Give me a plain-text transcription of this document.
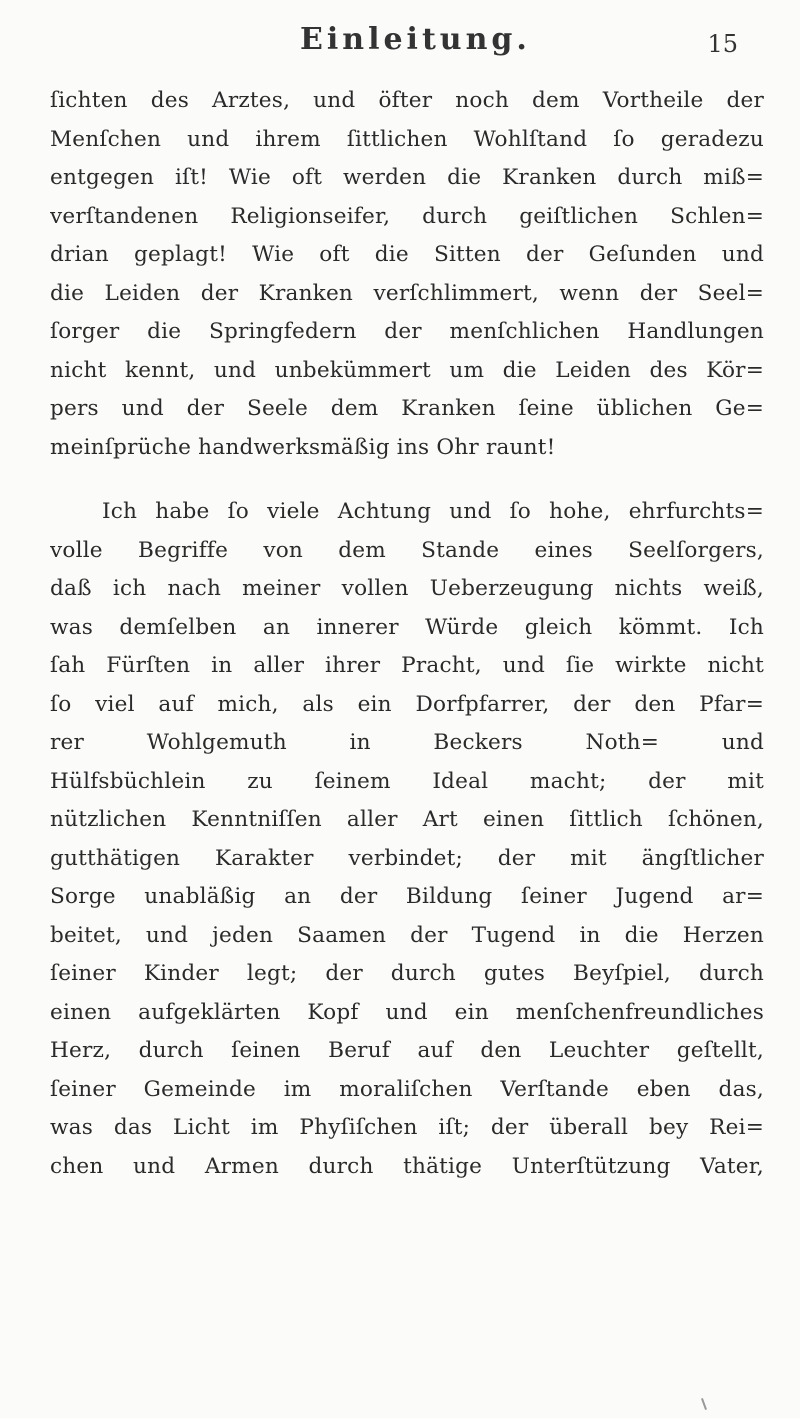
Einleitung.	15
ſichten des Arztes, und öfter noch dem Vortheile der
Menſchen und ihrem ſittlichen Wohlſtand ſo geradezu
entgegen iſt! Wie oft werden die Kranken durch miß=
verſtandenen Religionseifer, durch geiſtlichen Schlen=
drian geplagt! Wie oft die Sitten der Geſunden und
die Leiden der Kranken verſchlimmert, wenn der Seel=
ſorger die Springfedern der menſchlichen Handlungen
nicht kennt, und unbekümmert um die Leiden des Kör=
pers und der Seele dem Kranken ſeine üblichen Ge=
meinſprüche handwerksmäßig ins Ohr raunt!
Ich habe ſo viele Achtung und ſo hohe, ehrfurchts=
volle Begriffe von dem Stande eines Seelſorgers,
daß ich nach meiner vollen Ueberzeugung nichts weiß,
was demſelben an innerer Würde gleich kömmt. Ich
ſah Fürſten in aller ihrer Pracht, und ſie wirkte nicht
ſo viel auf mich, als ein Dorfpfarrer, der den Pfar=
rer Wohlgemuth in Beckers Noth= und
Hülfsbüchlein zu ſeinem Ideal macht; der mit
nützlichen Kenntniſſen aller Art einen ſittlich ſchönen,
gutthätigen Karakter verbindet; der mit ängſtlicher
Sorge unabläßig an der Bildung ſeiner Jugend ar=
beitet, und jeden Saamen der Tugend in die Herzen
ſeiner Kinder legt; der durch gutes Beyſpiel, durch
einen aufgeklärten Kopf und ein menſchenfreundliches
Herz, durch ſeinen Beruf auf den Leuchter geſtellt,
ſeiner Gemeinde im moraliſchen Verſtande eben das,
was das Licht im Phyſiſchen iſt; der überall bey Rei=
chen und Armen durch thätige Unterſtützung Vater,
